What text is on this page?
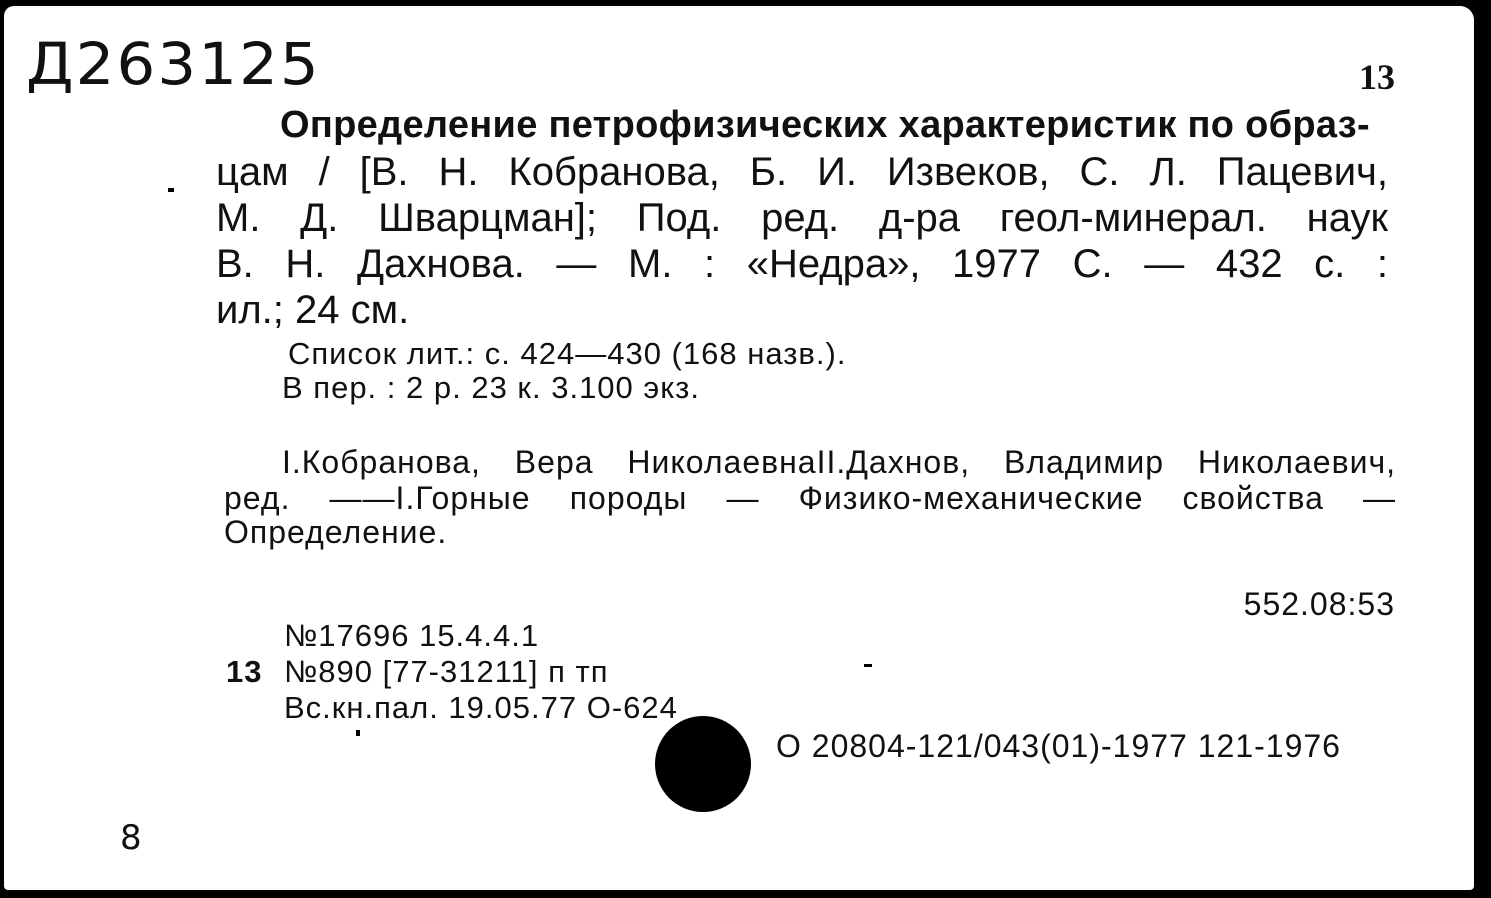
Д263125	13
Определение петрофизических характеристик по образ-
цам / [В. Н. Кобранова, Б. И. Извеков, С. Л. Пацевич,
М. Д. Шварцман]; Под. ред. д-ра геол-минерал. наук
В. Н. Дахнова. — М. : «Недра», 1977 С. — 432 с. :
ил.; 24 см.
Список лит.: с. 424—430 (168 назв.).
В пер. : 2 р. 23 к. 3.100 экз.
I.Кобранова, Вера НиколаевнаII.Дахнов, Владимир Николаевич,
ред. ——I.Горные породы — Физико-механические свойства —
Определение.
552.08:53
№17696 15.4.4.1
13 №890 [77-31211] п тп
Вс.кн.пал. 19.05.77 О-624
О 20804-121/043(01)-1977 121-1976
8
